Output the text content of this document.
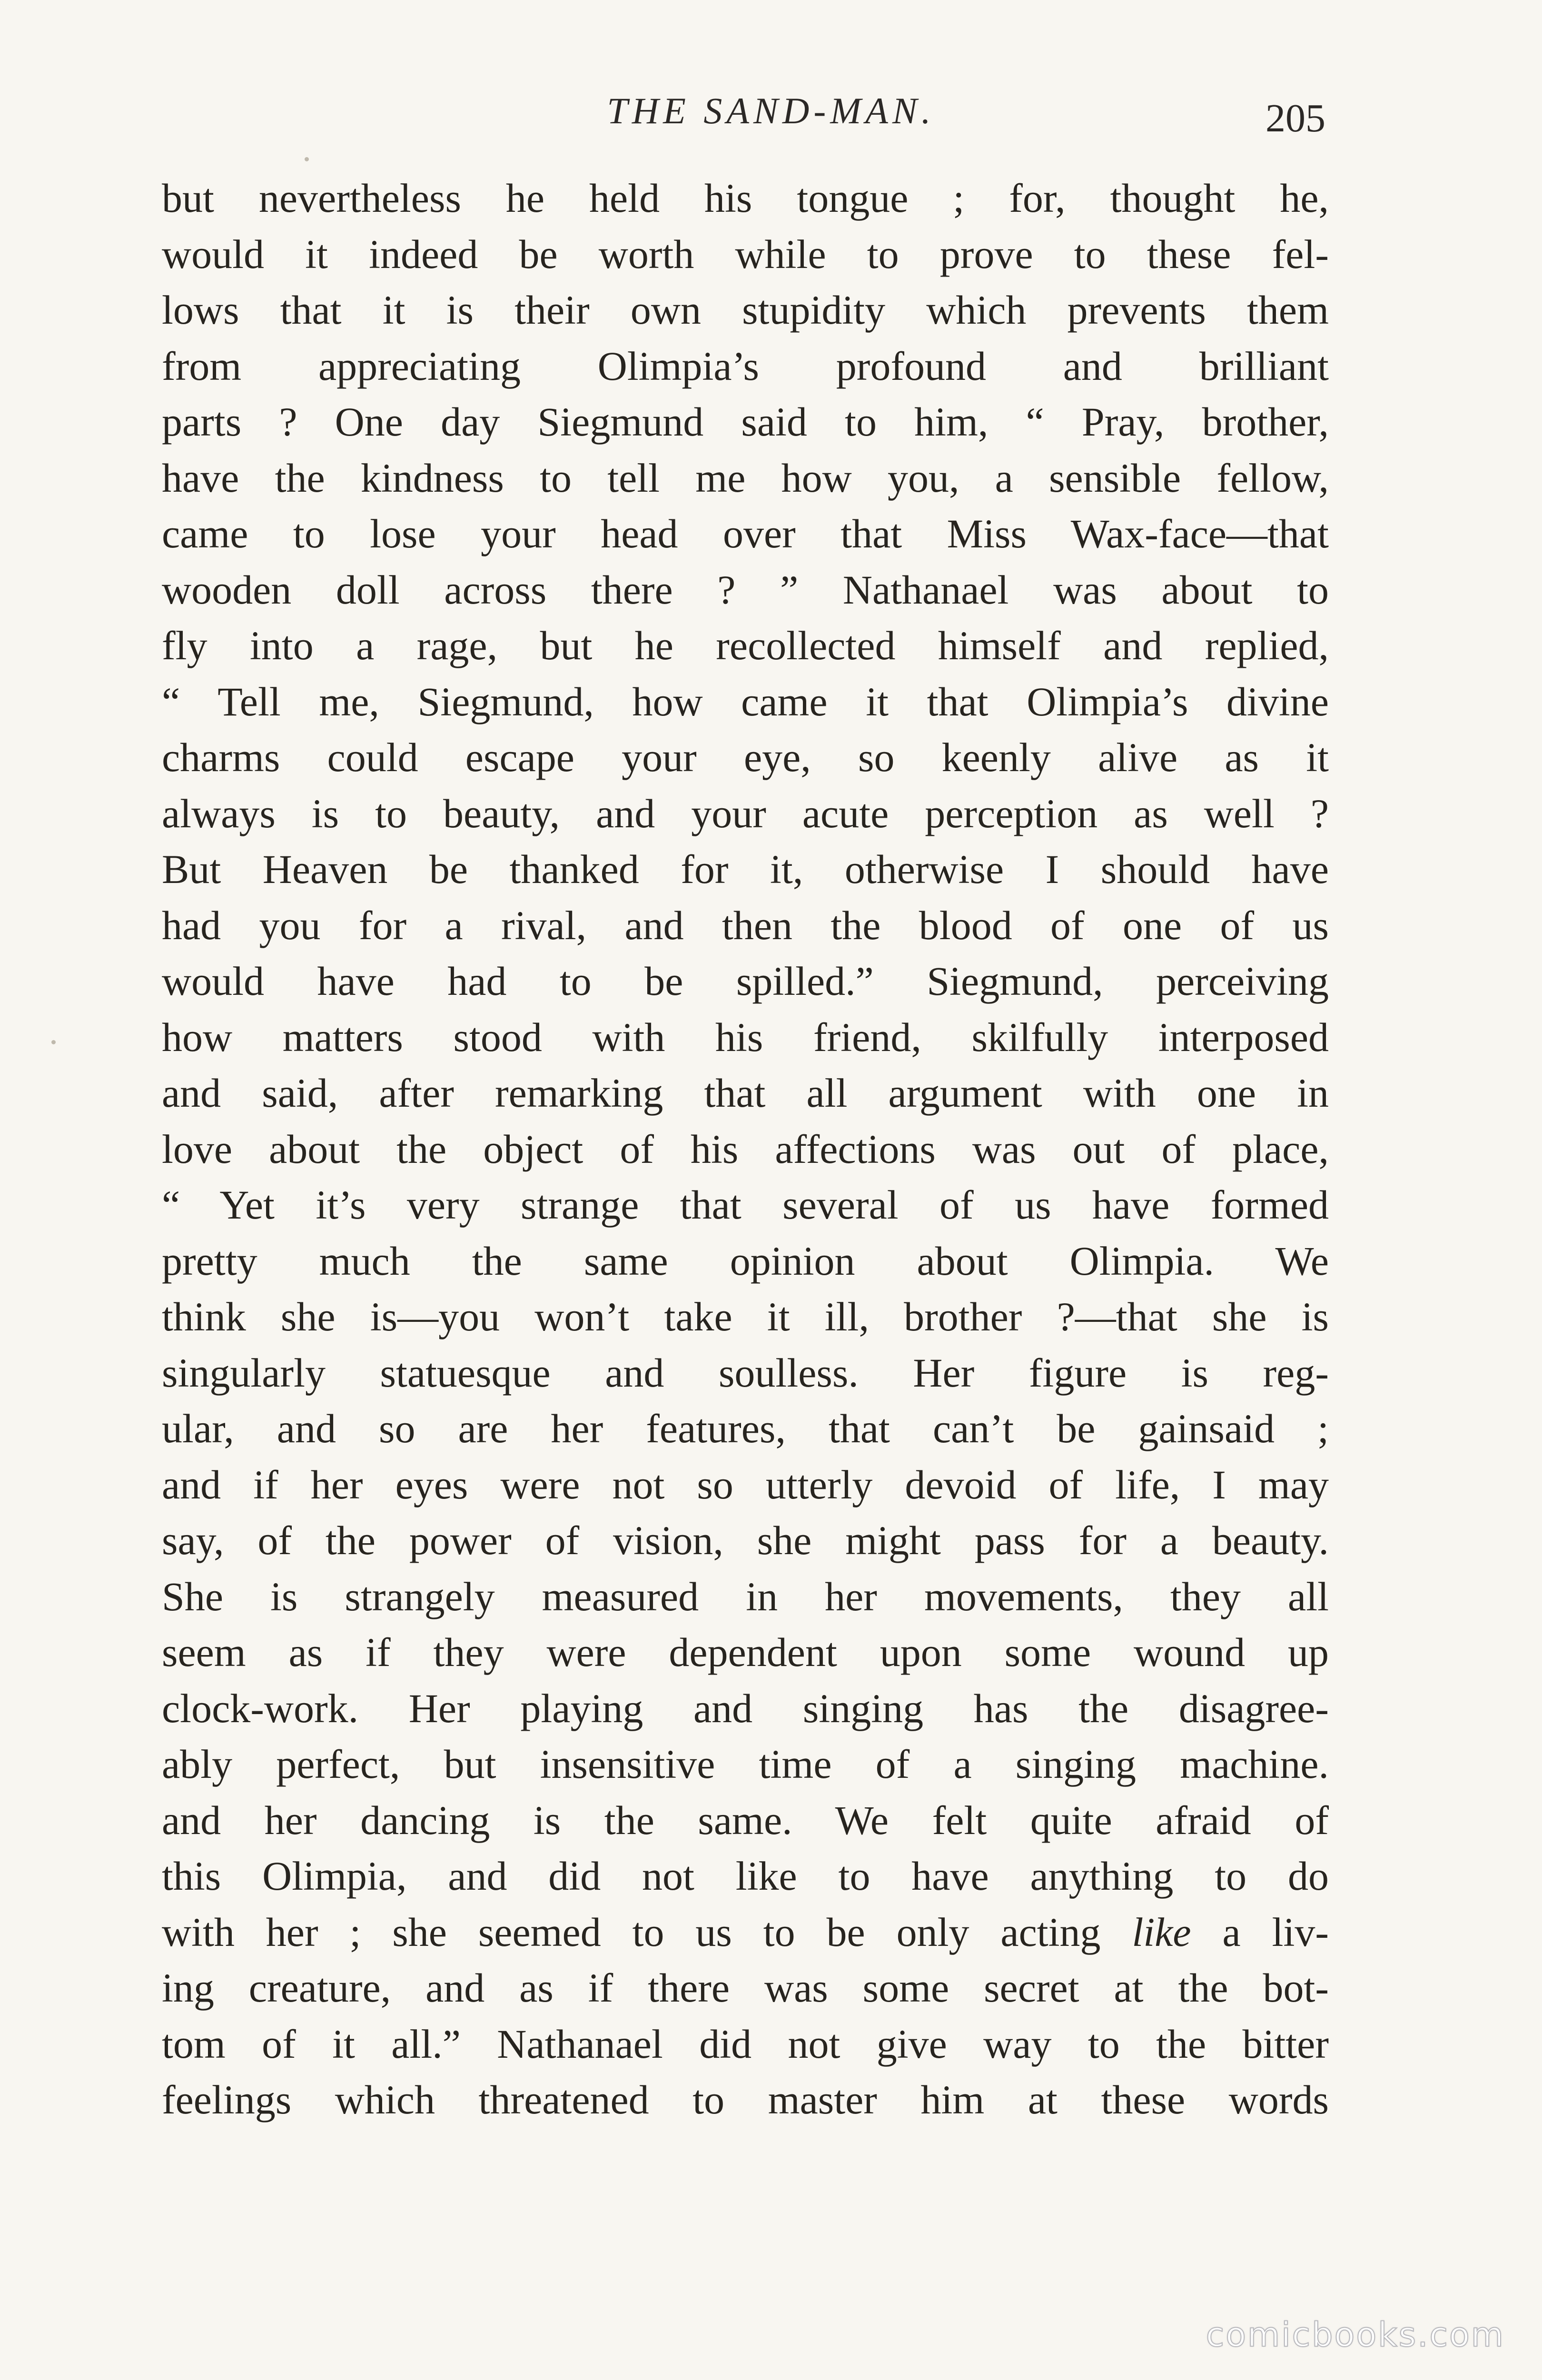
THE SAND-MAN.	205
but nevertheless he held his tongue ; for, thought he,
would it indeed be worth while to prove to these fel-
lows that it is their own stupidity which prevents them
from appreciating Olimpia’s profound and brilliant
parts ? One day Siegmund said to him, “ Pray, brother,
have the kindness to tell me how you, a sensible fellow,
came to lose your head over that Miss Wax-face—that
wooden doll across there ? ” Nathanael was about to
fly into a rage, but he recollected himself and replied,
“ Tell me, Siegmund, how came it that Olimpia’s divine
charms could escape your eye, so keenly alive as it
always is to beauty, and your acute perception as well ?
But Heaven be thanked for it, otherwise I should have
had you for a rival, and then the blood of one of us
would have had to be spilled.” Siegmund, perceiving
how matters stood with his friend, skilfully interposed
and said, after remarking that all argument with one in
love about the object of his affections was out of place,
“ Yet it’s very strange that several of us have formed
pretty much the same opinion about Olimpia. We
think she is—you won’t take it ill, brother ?—that she is
singularly statuesque and soulless. Her figure is reg-
ular, and so are her features, that can’t be gainsaid ;
and if her eyes were not so utterly devoid of life, I may
say, of the power of vision, she might pass for a beauty.
She is strangely measured in her movements, they all
seem as if they were dependent upon some wound up
clock-work. Her playing and singing has the disagree-
ably perfect, but insensitive time of a singing machine.
and her dancing is the same. We felt quite afraid of
this Olimpia, and did not like to have anything to do
with her ; she seemed to us to be only acting like a liv-
ing creature, and as if there was some secret at the bot-
tom of it all.” Nathanael did not give way to the bitter
feelings which threatened to master him at these words
comicbooks.com
